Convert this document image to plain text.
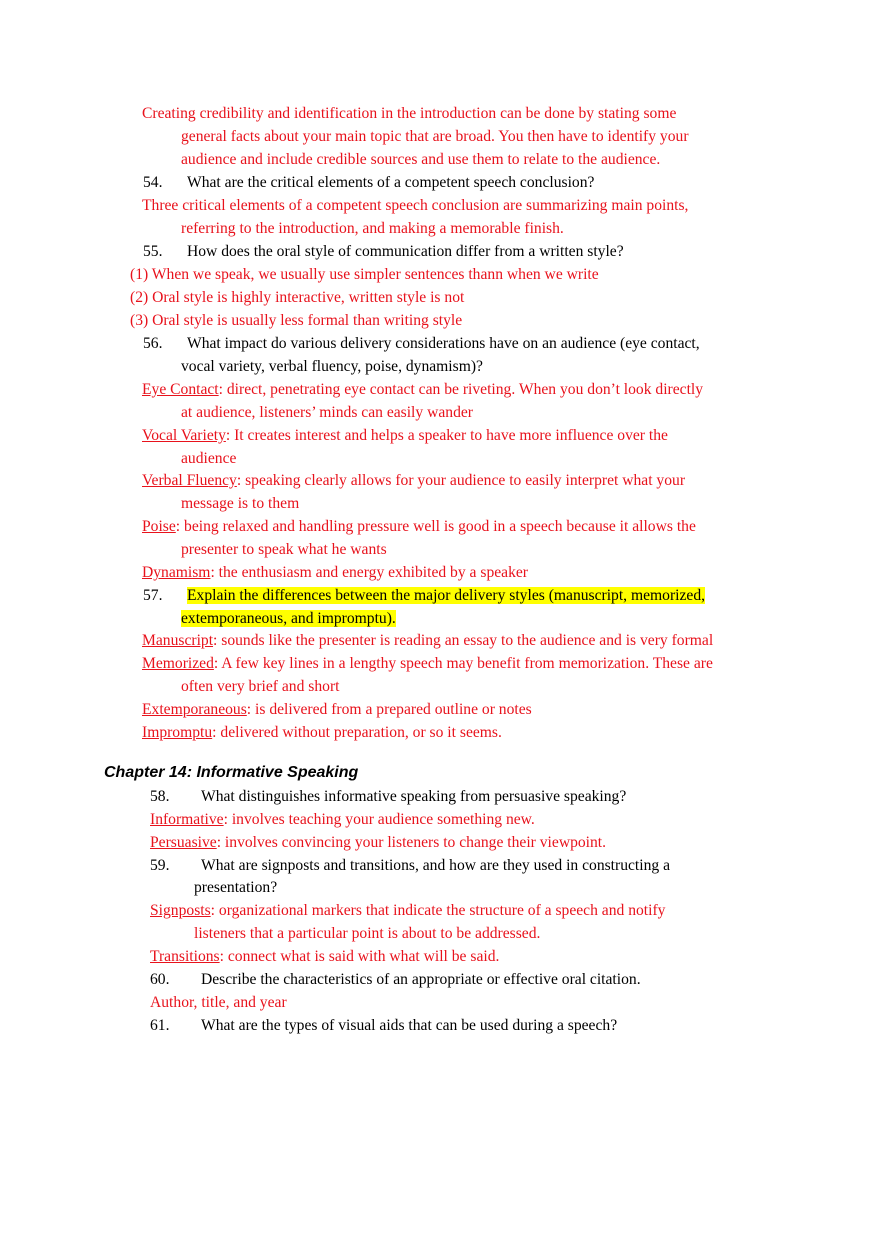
Creating credibility and identification in the introduction can be done by stating some
general facts about your main topic that are broad. You then have to identify your
audience and include credible sources and use them to relate to the audience.
54. What are the critical elements of a competent speech conclusion?
Three critical elements of a competent speech conclusion are summarizing main points,
referring to the introduction, and making a memorable finish.
55. How does the oral style of communication differ from a written style?
(1) When we speak, we usually use simpler sentences thann when we write
(2) Oral style is highly interactive, written style is not
(3) Oral style is usually less formal than writing style
56. What impact do various delivery considerations have on an audience (eye contact,
vocal variety, verbal fluency, poise, dynamism)?
Eye Contact: direct, penetrating eye contact can be riveting. When you don’t look directly
at audience, listeners’ minds can easily wander
Vocal Variety: It creates interest and helps a speaker to have more influence over the
audience
Verbal Fluency: speaking clearly allows for your audience to easily interpret what your
message is to them
Poise: being relaxed and handling pressure well is good in a speech because it allows the
presenter to speak what he wants
Dynamism: the enthusiasm and energy exhibited by a speaker
57. Explain the differences between the major delivery styles (manuscript, memorized,
extemporaneous, and impromptu).
Manuscript: sounds like the presenter is reading an essay to the audience and is very formal
Memorized: A few key lines in a lengthy speech may benefit from memorization. These are
often very brief and short
Extemporaneous: is delivered from a prepared outline or notes
Impromptu: delivered without preparation, or so it seems.
Chapter 14: Informative Speaking
58. What distinguishes informative speaking from persuasive speaking?
Informative: involves teaching your audience something new.
Persuasive: involves convincing your listeners to change their viewpoint.
59. What are signposts and transitions, and how are they used in constructing a
presentation?
Signposts: organizational markers that indicate the structure of a speech and notify
listeners that a particular point is about to be addressed.
Transitions: connect what is said with what will be said.
60. Describe the characteristics of an appropriate or effective oral citation.
Author, title, and year
61. What are the types of visual aids that can be used during a speech?
